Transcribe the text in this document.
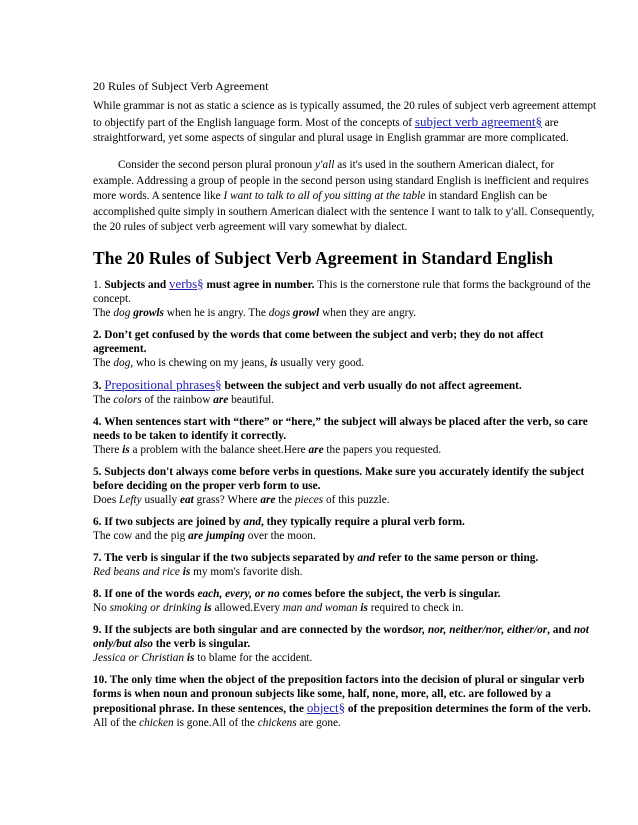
20 Rules of Subject Verb Agreement

While grammar is not as static a science as is typically assumed, the 20 rules of subject verb agreement attempt to objectify part of the English language form. Most of the concepts of subject verb agreement§ are straightforward, yet some aspects of singular and plural usage in English grammar are more complicated.

Consider the second person plural pronoun y'all as it's used in the southern American dialect, for example. Addressing a group of people in the second person using standard English is inefficient and requires more words. A sentence like I want to talk to all of you sitting at the table in standard English can be accomplished quite simply in southern American dialect with the sentence I want to talk to y'all. Consequently, the 20 rules of subject verb agreement will vary somewhat by dialect.

The 20 Rules of Subject Verb Agreement in Standard English

1. Subjects and verbs§ must agree in number. This is the cornerstone rule that forms the background of the concept.

The dog growls when he is angry. The dogs growl when they are angry.

2. Don’t get confused by the words that come between the subject and verb; they do not affect agreement.

The dog, who is chewing on my jeans, is usually very good.

3. Prepositional phrases§ between the subject and verb usually do not affect agreement.

The colors of the rainbow are beautiful.

4. When sentences start with “there” or “here,” the subject will always be placed after the verb, so care needs to be taken to identify it correctly.

There is a problem with the balance sheet.Here are the papers you requested.

5. Subjects don't always come before verbs in questions. Make sure you accurately identify the subject before deciding on the proper verb form to use.

Does Lefty usually eat grass? Where are the pieces of this puzzle.

6. If two subjects are joined by and, they typically require a plural verb form.

The cow and the pig are jumping over the moon.

7. The verb is singular if the two subjects separated by and refer to the same person or thing.

Red beans and rice is my mom's favorite dish.

8. If one of the words each, every, or no comes before the subject, the verb is singular.

No smoking or drinking is allowed.Every man and woman is required to check in.

9. If the subjects are both singular and are connected by the wordsor, nor, neither/nor, either/or, and not only/but also the verb is singular.

Jessica or Christian is to blame for the accident.

10. The only time when the object of the preposition factors into the decision of plural or singular verb forms is when noun and pronoun subjects like some, half, none, more, all, etc. are followed by a prepositional phrase. In these sentences, the object§ of the preposition determines the form of the verb.

All of the chicken is gone.All of the chickens are gone.
